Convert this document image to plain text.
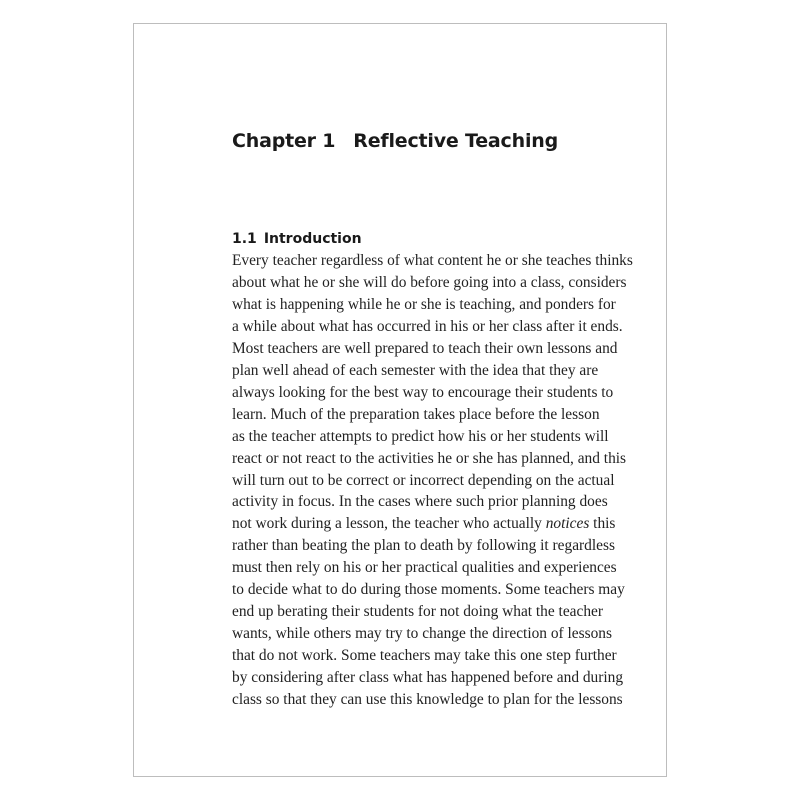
Chapter 1 Reflective Teaching
1.1 Introduction
Every teacher regardless of what content he or she teaches thinks
about what he or she will do before going into a class, considers
what is happening while he or she is teaching, and ponders for
a while about what has occurred in his or her class after it ends.
Most teachers are well prepared to teach their own lessons and
plan well ahead of each semester with the idea that they are
always looking for the best way to encourage their students to
learn. Much of the preparation takes place before the lesson
as the teacher attempts to predict how his or her students will
react or not react to the activities he or she has planned, and this
will turn out to be correct or incorrect depending on the actual
activity in focus. In the cases where such prior planning does
not work during a lesson, the teacher who actually notices this
rather than beating the plan to death by following it regardless
must then rely on his or her practical qualities and experiences
to decide what to do during those moments. Some teachers may
end up berating their students for not doing what the teacher
wants, while others may try to change the direction of lessons
that do not work. Some teachers may take this one step further
by considering after class what has happened before and during
class so that they can use this knowledge to plan for the lessons
